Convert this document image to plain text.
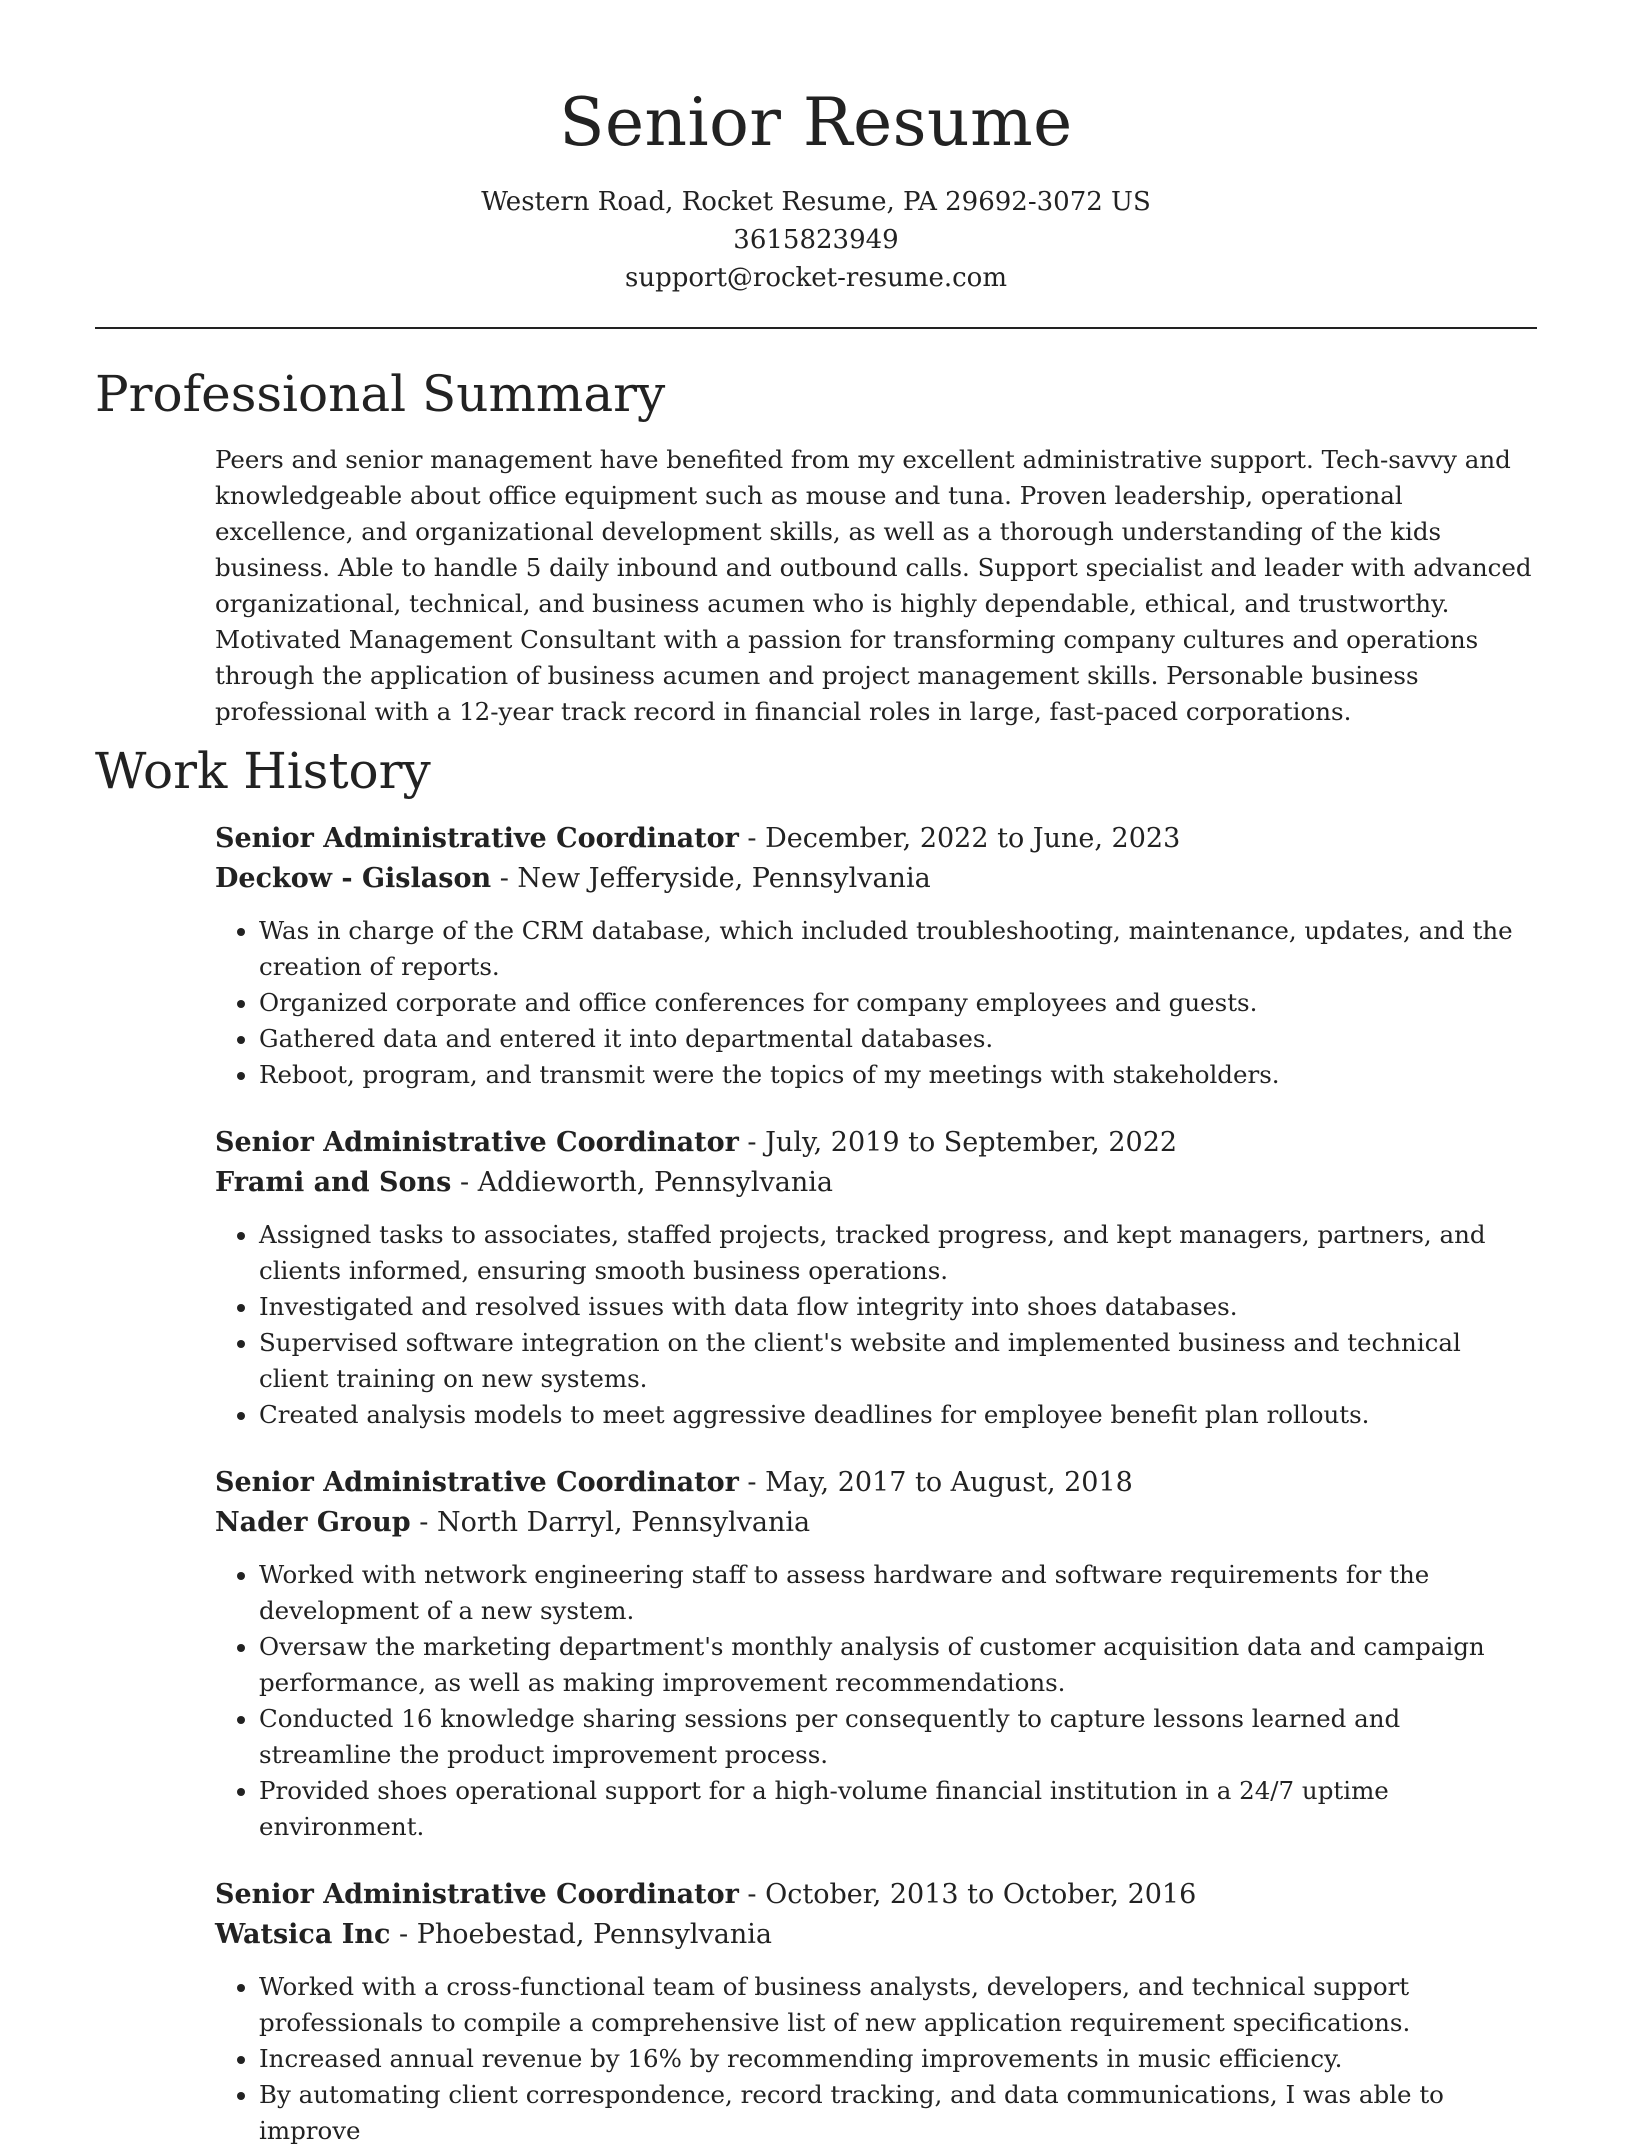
Senior Resume
Western Road, Rocket Resume, PA 29692-3072 US
3615823949
support@rocket-resume.com
Professional Summary

Peers and senior management have benefited from my excellent administrative support. Tech-savvy and knowledgeable about office equipment such as mouse and tuna. Proven leadership, operational excellence, and organizational development skills, as well as a thorough understanding of the kids business. Able to handle 5 daily inbound and outbound calls. Support specialist and leader with advanced organizational, technical, and business acumen who is highly dependable, ethical, and trustworthy. Motivated Management Consultant with a passion for transforming company cultures and operations through the application of business acumen and project management skills. Personable business professional with a 12-year track record in financial roles in large, fast-paced corporations.

Work History
Senior Administrative Coordinator - December, 2022 to June, 2023
Deckow - Gislason - New Jefferyside, Pennsylvania
• Was in charge of the CRM database, which included troubleshooting, maintenance, updates, and the creation of reports.
• Organized corporate and office conferences for company employees and guests.
• Gathered data and entered it into departmental databases.
• Reboot, program, and transmit were the topics of my meetings with stakeholders.
Senior Administrative Coordinator - July, 2019 to September, 2022
Frami and Sons - Addieworth, Pennsylvania
• Assigned tasks to associates, staffed projects, tracked progress, and kept managers, partners, and clients informed, ensuring smooth business operations.
• Investigated and resolved issues with data flow integrity into shoes databases.
• Supervised software integration on the client's website and implemented business and technical client training on new systems.
• Created analysis models to meet aggressive deadlines for employee benefit plan rollouts.
Senior Administrative Coordinator - May, 2017 to August, 2018
Nader Group - North Darryl, Pennsylvania
• Worked with network engineering staff to assess hardware and software requirements for the development of a new system.
• Oversaw the marketing department's monthly analysis of customer acquisition data and campaign performance, as well as making improvement recommendations.
• Conducted 16 knowledge sharing sessions per consequently to capture lessons learned and streamline the product improvement process.
• Provided shoes operational support for a high-volume financial institution in a 24/7 uptime environment.
Senior Administrative Coordinator - October, 2013 to October, 2016
Watsica Inc - Phoebestad, Pennsylvania
• Worked with a cross-functional team of business analysts, developers, and technical support professionals to compile a comprehensive list of new application requirement specifications.
• Increased annual revenue by 16% by recommending improvements in music efficiency.
• By automating client correspondence, record tracking, and data communications, I was able to improve
